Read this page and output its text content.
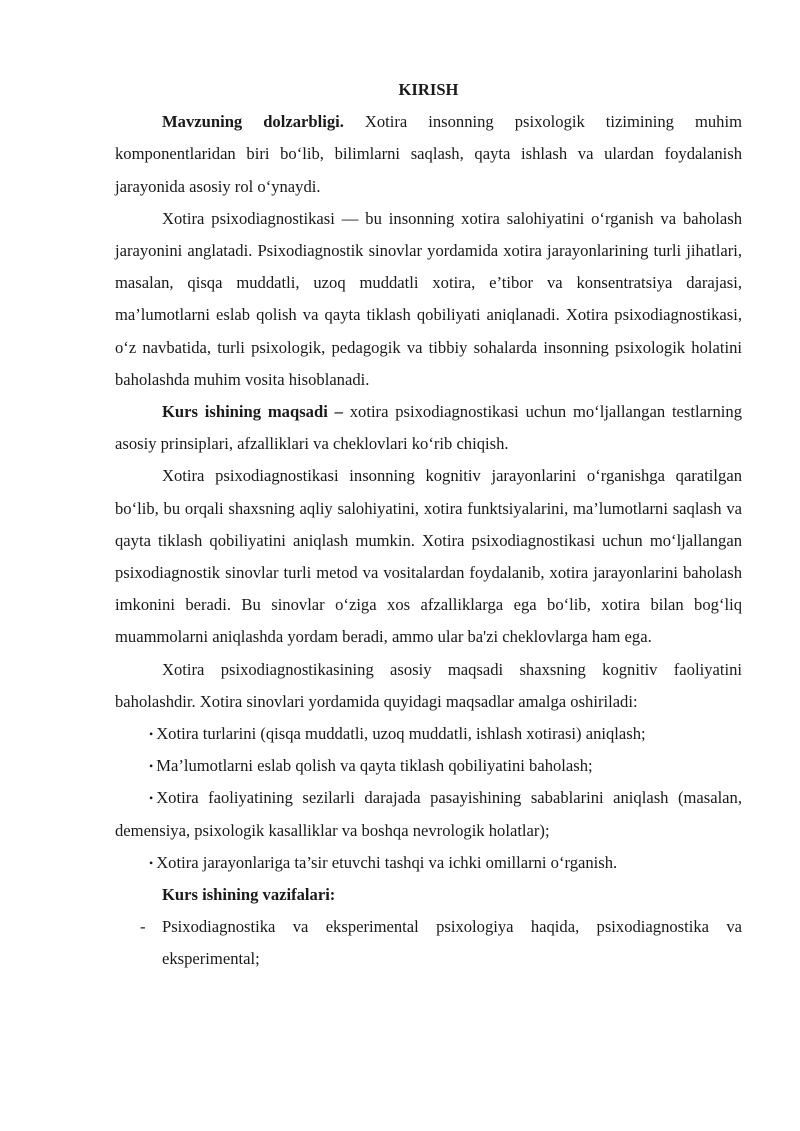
KIRISH

Mavzuning dolzarbligi. Xotira insonning psixologik tizimining muhim komponentlaridan biri bo‘lib, bilimlarni saqlash, qayta ishlash va ulardan foydalanish jarayonida asosiy rol o‘ynaydi.

Xotira psixodiagnostikasi — bu insonning xotira salohiyatini o‘rganish va baholash jarayonini anglatadi. Psixodiagnostik sinovlar yordamida xotira jarayonlarining turli jihatlari, masalan, qisqa muddatli, uzoq muddatli xotira, e’tibor va konsentratsiya darajasi, ma’lumotlarni eslab qolish va qayta tiklash qobiliyati aniqlanadi. Xotira psixodiagnostikasi, o‘z navbatida, turli psixologik, pedagogik va tibbiy sohalarda insonning psixologik holatini baholashda muhim vosita hisoblanadi.

Kurs ishining maqsadi – xotira psixodiagnostikasi uchun mo‘ljallangan testlarning asosiy prinsiplari, afzalliklari va cheklovlari ko‘rib chiqish.

Xotira psixodiagnostikasi insonning kognitiv jarayonlarini o‘rganishga qaratilgan bo‘lib, bu orqali shaxsning aqliy salohiyatini, xotira funktsiyalarini, ma’lumotlarni saqlash va qayta tiklash qobiliyatini aniqlash mumkin. Xotira psixodiagnostikasi uchun mo‘ljallangan psixodiagnostik sinovlar turli metod va vositalardan foydalanib, xotira jarayonlarini baholash imkonini beradi. Bu sinovlar o‘ziga xos afzalliklarga ega bo‘lib, xotira bilan bog‘liq muammolarni aniqlashda yordam beradi, ammo ular ba'zi cheklovlarga ham ega.

Xotira psixodiagnostikasining asosiy maqsadi shaxsning kognitiv faoliyatini baholashdir. Xotira sinovlari yordamida quyidagi maqsadlar amalga oshiriladi:

• Xotira turlarini (qisqa muddatli, uzoq muddatli, ishlash xotirasi) aniqlash;
• Ma’lumotlarni eslab qolish va qayta tiklash qobiliyatini baholash;
• Xotira faoliyatining sezilarli darajada pasayishining sabablarini aniqlash (masalan, demensiya, psixologik kasalliklar va boshqa nevrologik holatlar);
• Xotira jarayonlariga ta’sir etuvchi tashqi va ichki omillarni o‘rganish.
Kurs ishining vazifalari:
- Psixodiagnostika va eksperimental psixologiya haqida, psixodiagnostika va eksperimental;
